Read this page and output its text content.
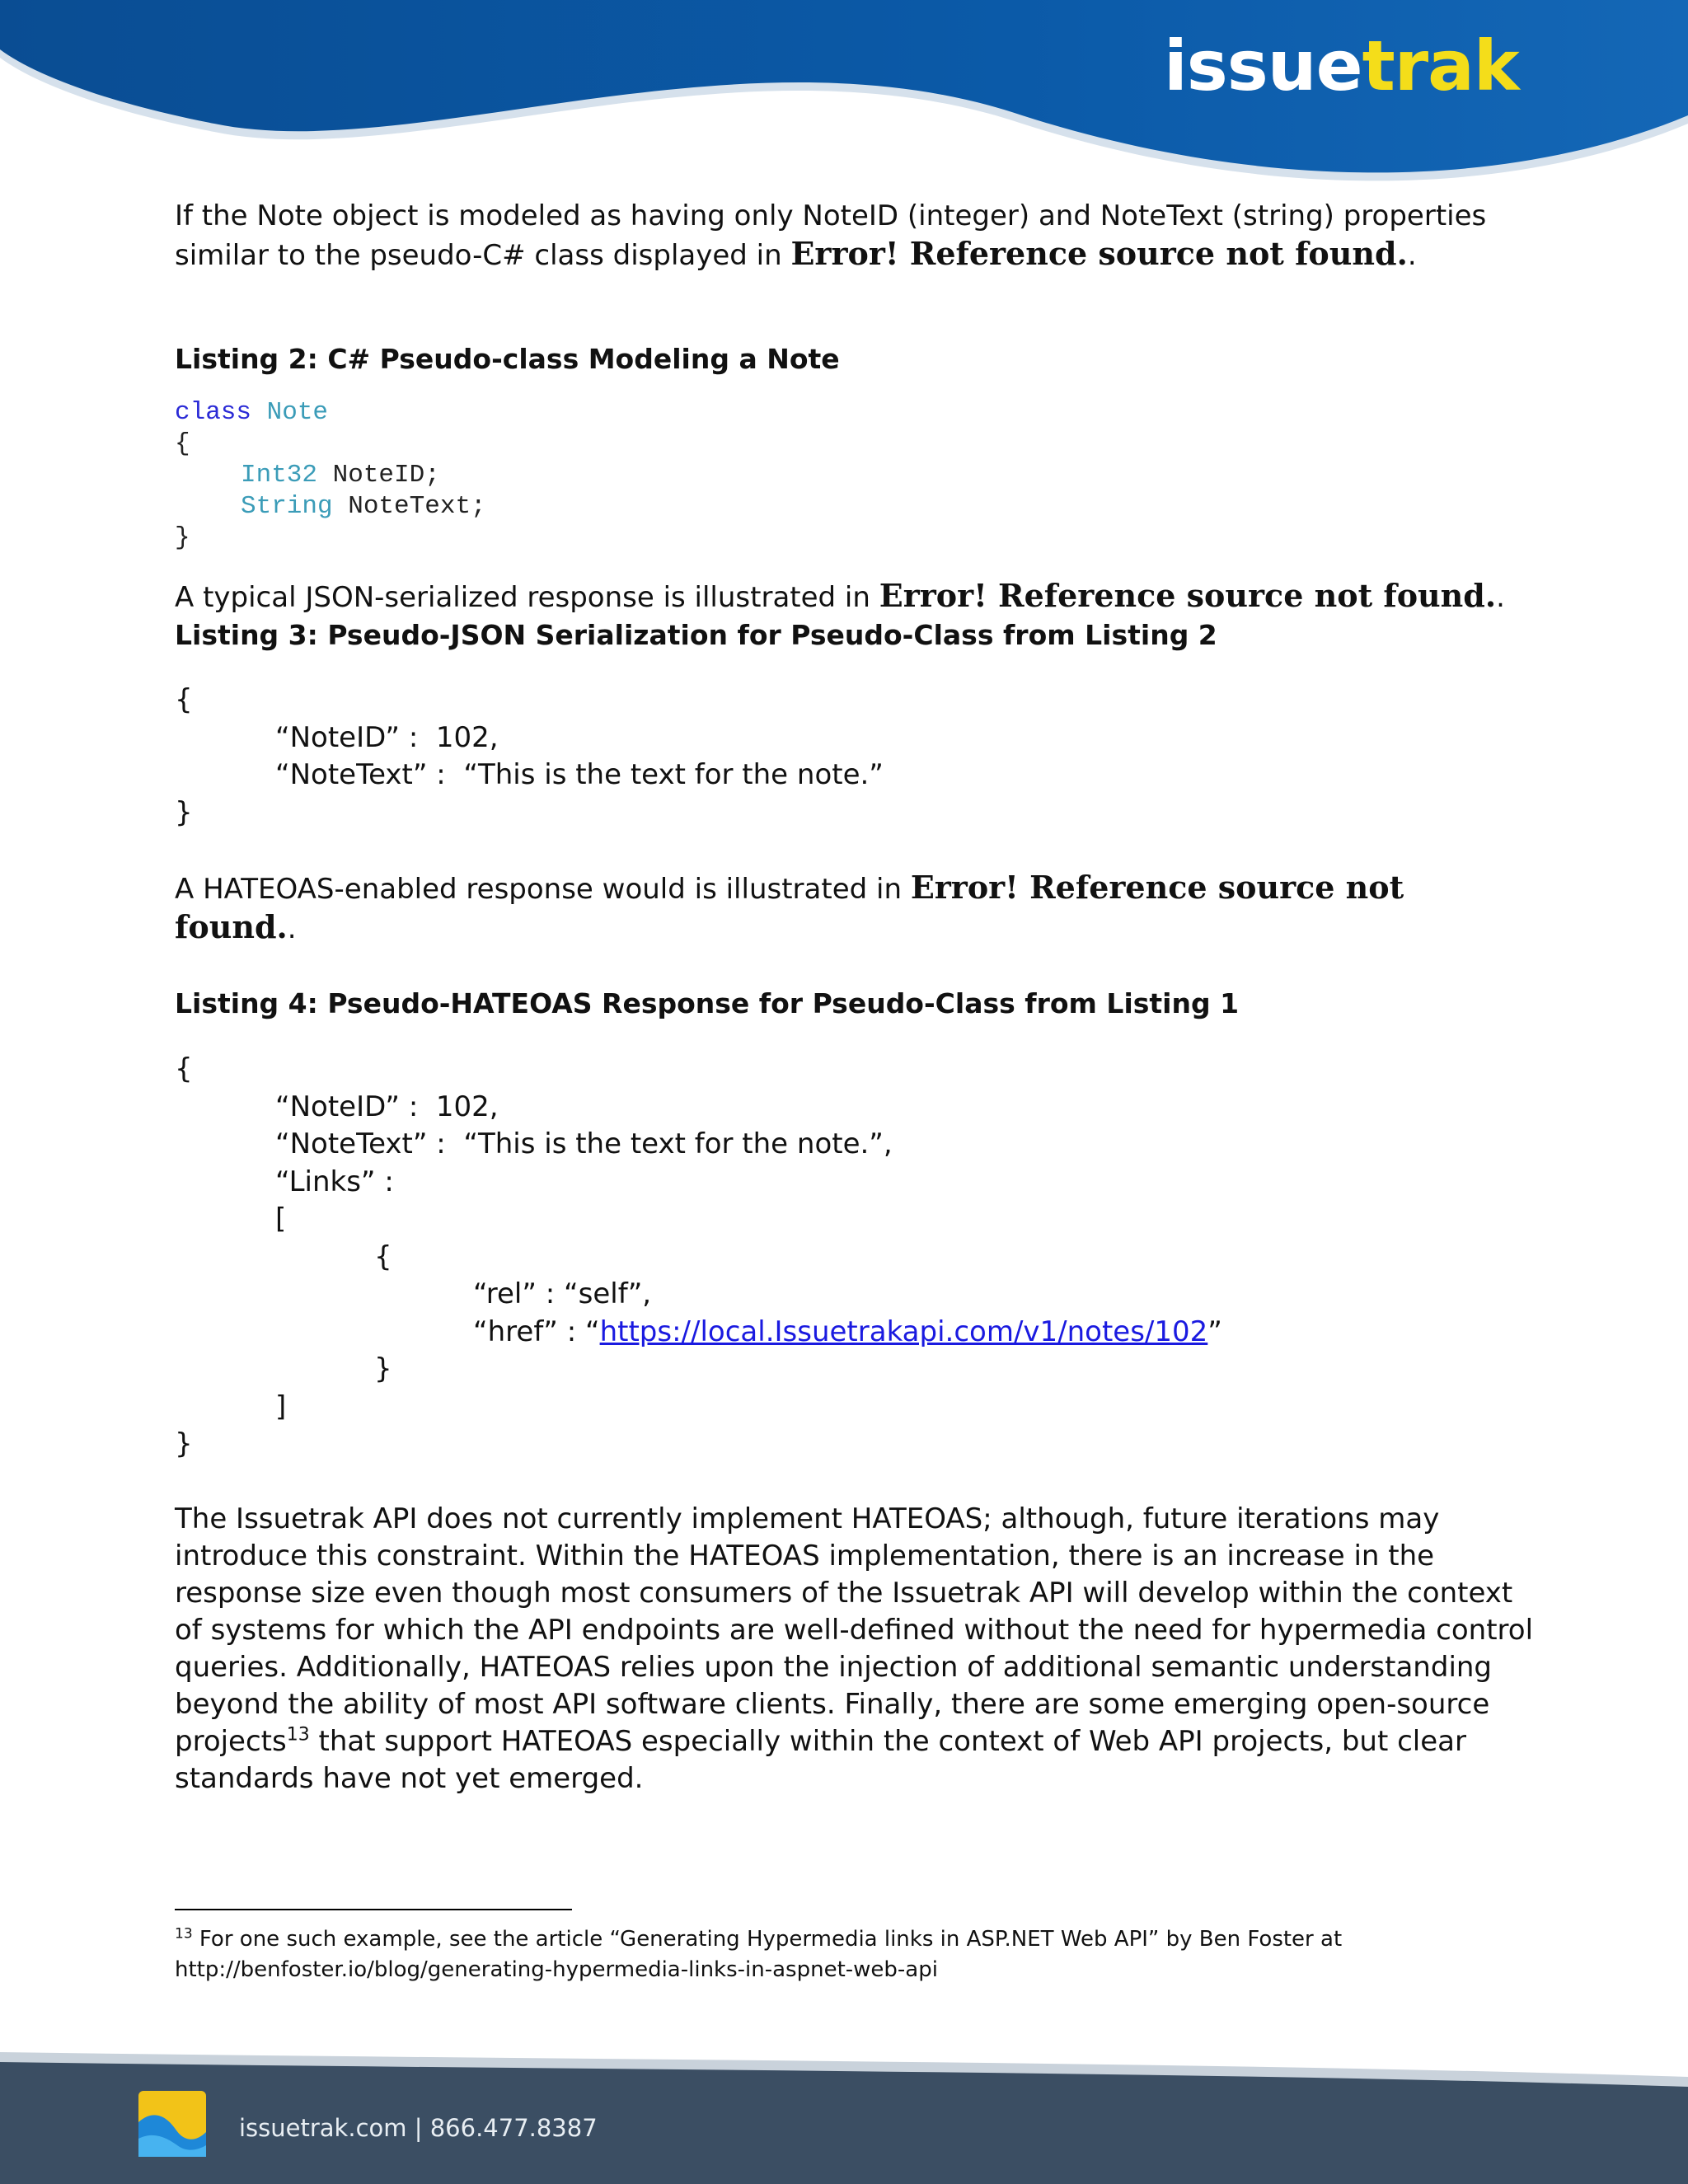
issuetrak

If the Note object is modeled as having only NoteID (integer) and NoteText (string) properties similar to the pseudo-C# class displayed in Error! Reference source not found..

Listing 2: C# Pseudo-class Modeling a Note

class Note
{
Int32 NoteID;
String NoteText;
}

A typical JSON-serialized response is illustrated in Error! Reference source not found..

Listing 3: Pseudo-JSON Serialization for Pseudo-Class from Listing 2

{
“NoteID” :  102,
“NoteText” :  “This is the text for the note.”
}

A HATEOAS-enabled response would is illustrated in Error! Reference source not found..

Listing 4: Pseudo-HATEOAS Response for Pseudo-Class from Listing 1

{
“NoteID” :  102,
“NoteText” :  “This is the text for the note.”,
“Links” :
[
{
“rel” : “self”,
“href” : “https://local.Issuetrakapi.com/v1/notes/102”
}
]
}

The Issuetrak API does not currently implement HATEOAS; although, future iterations may introduce this constraint. Within the HATEOAS implementation, there is an increase in the response size even though most consumers of the Issuetrak API will develop within the context of systems for which the API endpoints are well-defined without the need for hypermedia control queries. Additionally, HATEOAS relies upon the injection of additional semantic understanding beyond the ability of most API software clients. Finally, there are some emerging open-source projects$^{13}$ that support HATEOAS especially within the context of Web API projects, but clear standards have not yet emerged.

$^{13}$ For one such example, see the article “Generating Hypermedia links in ASP.NET Web API” by Ben Foster at http://benfoster.io/blog/generating-hypermedia-links-in-aspnet-web-api

issuetrak.com | 866.477.8387
